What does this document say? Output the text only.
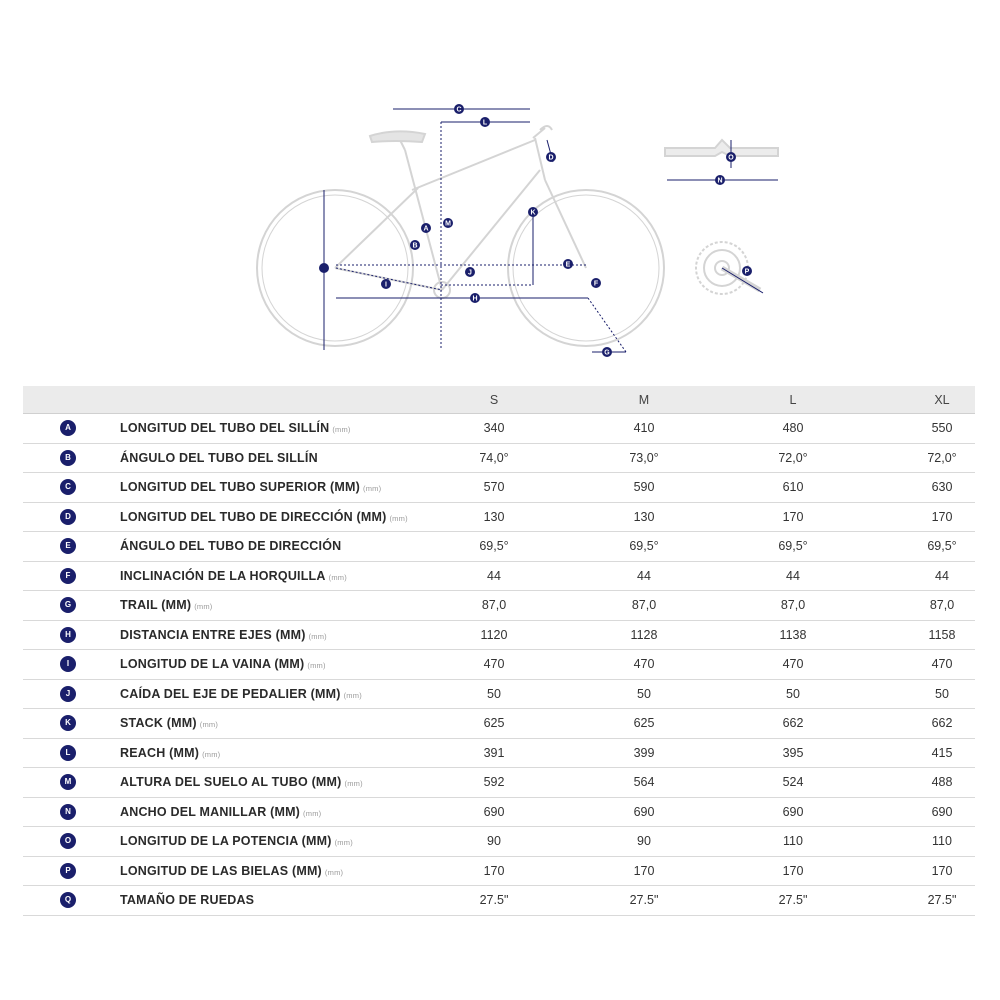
A
B
C
D
E
F
G
H
I
J
K
L
M
N
O
P
S	M	L	XL
A	LONGITUD DEL TUBO DEL SILLÍN (mm)	340	410	480	550
B	ÁNGULO DEL TUBO DEL SILLÍN	74,0°	73,0°	72,0°	72,0°
C	LONGITUD DEL TUBO SUPERIOR (MM) (mm)	570	590	610	630
D	LONGITUD DEL TUBO DE DIRECCIÓN (MM) (mm)	130	130	170	170
E	ÁNGULO DEL TUBO DE DIRECCIÓN	69,5°	69,5°	69,5°	69,5°
F	INCLINACIÓN DE LA HORQUILLA (mm)	44	44	44	44
G	TRAIL (MM) (mm)	87,0	87,0	87,0	87,0
H	DISTANCIA ENTRE EJES (MM) (mm)	1120	1128	1138	1158
I	LONGITUD DE LA VAINA (MM) (mm)	470	470	470	470
J	CAÍDA DEL EJE DE PEDALIER (MM) (mm)	50	50	50	50
K	STACK (MM) (mm)	625	625	662	662
L	REACH (MM) (mm)	391	399	395	415
M	ALTURA DEL SUELO AL TUBO (MM) (mm)	592	564	524	488
N	ANCHO DEL MANILLAR (MM) (mm)	690	690	690	690
O	LONGITUD DE LA POTENCIA (MM) (mm)	90	90	110	110
P	LONGITUD DE LAS BIELAS (MM) (mm)	170	170	170	170
Q	TAMAÑO DE RUEDAS	27.5"	27.5"	27.5"	27.5"
